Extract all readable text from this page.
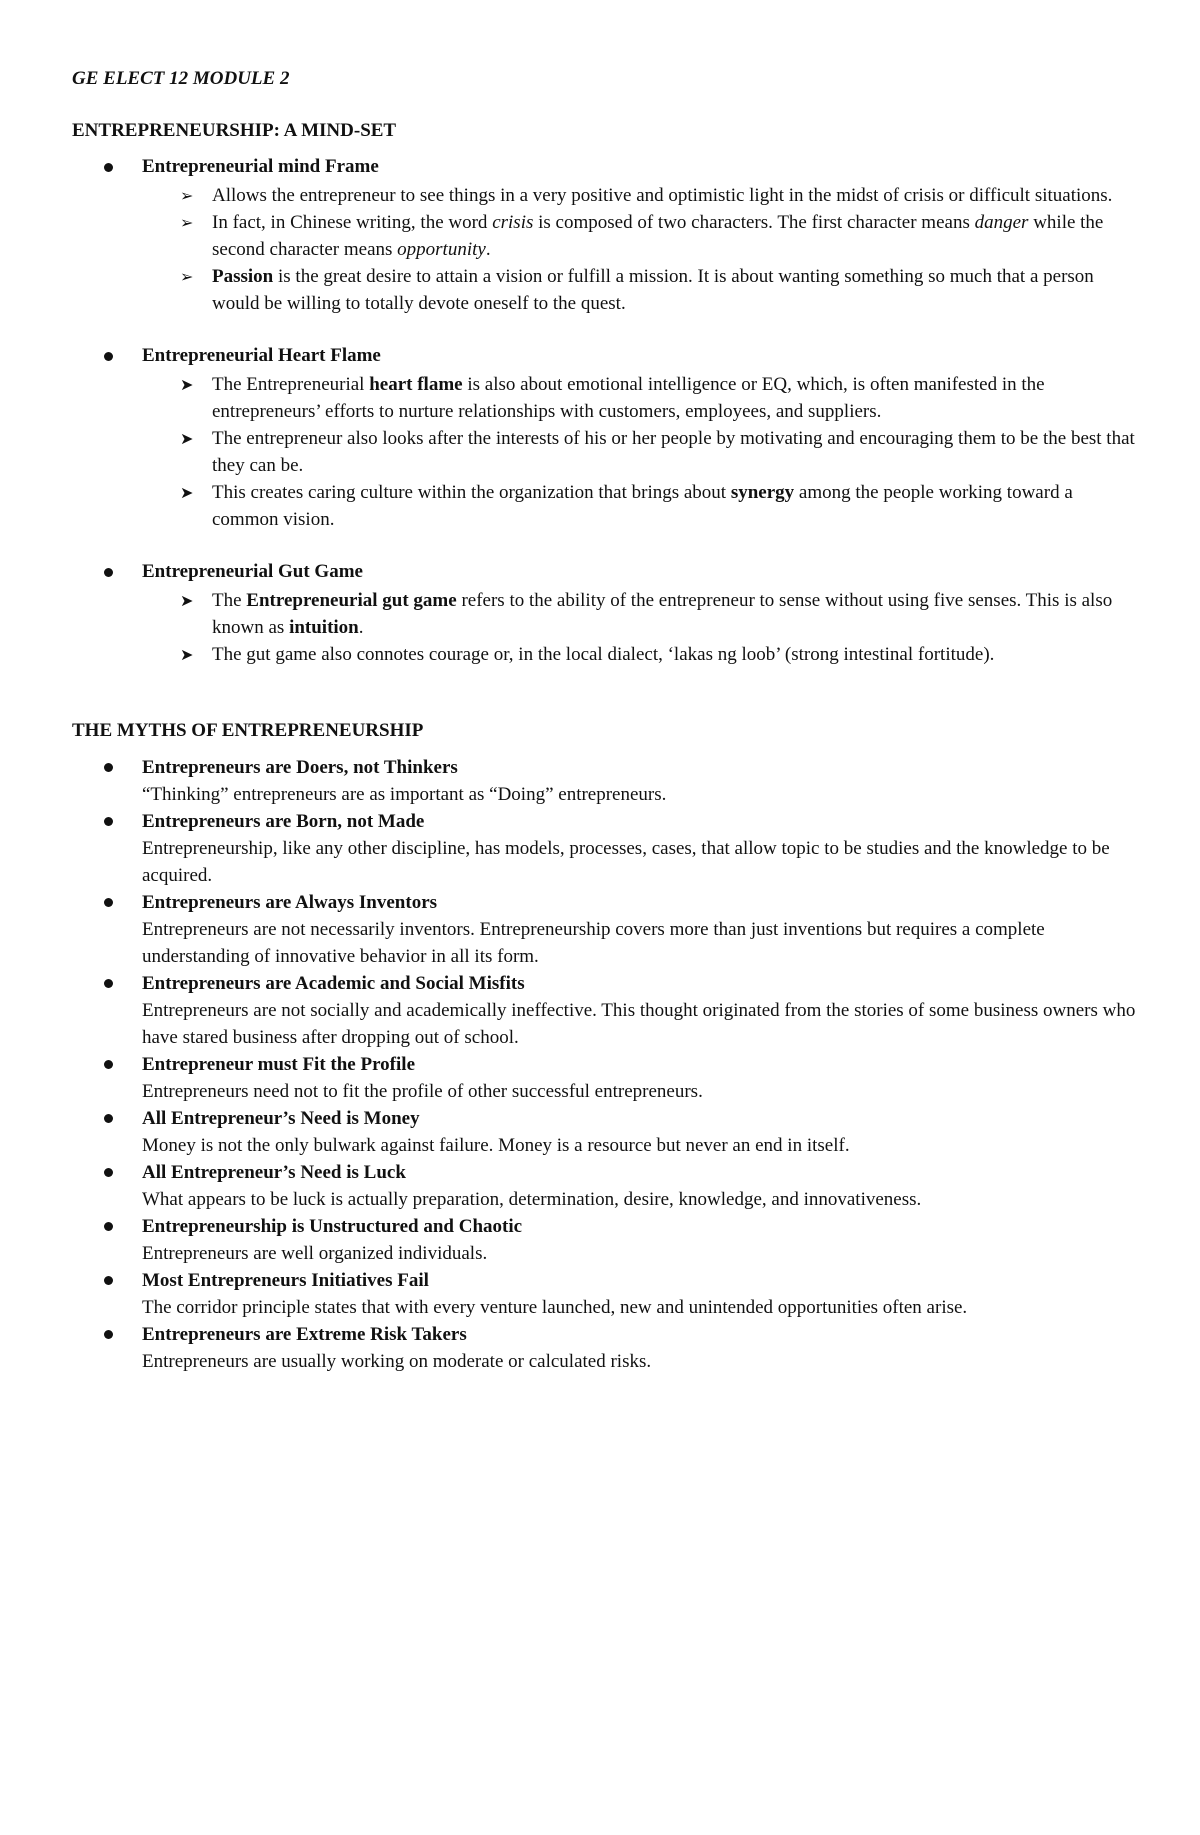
GE ELECT 12 MODULE 2
ENTREPRENEURSHIP: A MIND-SET
Entrepreneurial mind Frame
➢ Allows the entrepreneur to see things in a very positive and optimistic light in the midst of crisis or difficult situations.
➢ In fact, in Chinese writing, the word crisis is composed of two characters. The first character means danger while the second character means opportunity.
➢ Passion is the great desire to attain a vision or fulfill a mission. It is about wanting something so much that a person would be willing to totally devote oneself to the quest.
Entrepreneurial Heart Flame
➤ The Entrepreneurial heart flame is also about emotional intelligence or EQ, which, is often manifested in the entrepreneurs’ efforts to nurture relationships with customers, employees, and suppliers.
➤ The entrepreneur also looks after the interests of his or her people by motivating and encouraging them to be the best that they can be.
➤ This creates caring culture within the organization that brings about synergy among the people working toward a common vision.
Entrepreneurial Gut Game
➤ The Entrepreneurial gut game refers to the ability of the entrepreneur to sense without using five senses. This is also known as intuition.
➤ The gut game also connotes courage or, in the local dialect, ‘lakas ng loob’ (strong intestinal fortitude).
THE MYTHS OF ENTREPRENEURSHIP
Entrepreneurs are Doers, not Thinkers
“Thinking” entrepreneurs are as important as “Doing” entrepreneurs.
Entrepreneurs are Born, not Made
Entrepreneurship, like any other discipline, has models, processes, cases, that allow topic to be studies and the knowledge to be acquired.
Entrepreneurs are Always Inventors
Entrepreneurs are not necessarily inventors. Entrepreneurship covers more than just inventions but requires a complete understanding of innovative behavior in all its form.
Entrepreneurs are Academic and Social Misfits
Entrepreneurs are not socially and academically ineffective. This thought originated from the stories of some business owners who have stared business after dropping out of school.
Entrepreneur must Fit the Profile
Entrepreneurs need not to fit the profile of other successful entrepreneurs.
All Entrepreneur’s Need is Money
Money is not the only bulwark against failure. Money is a resource but never an end in itself.
All Entrepreneur’s Need is Luck
What appears to be luck is actually preparation, determination, desire, knowledge, and innovativeness.
Entrepreneurship is Unstructured and Chaotic
Entrepreneurs are well organized individuals.
Most Entrepreneurs Initiatives Fail
The corridor principle states that with every venture launched, new and unintended opportunities often arise.
Entrepreneurs are Extreme Risk Takers
Entrepreneurs are usually working on moderate or calculated risks.
